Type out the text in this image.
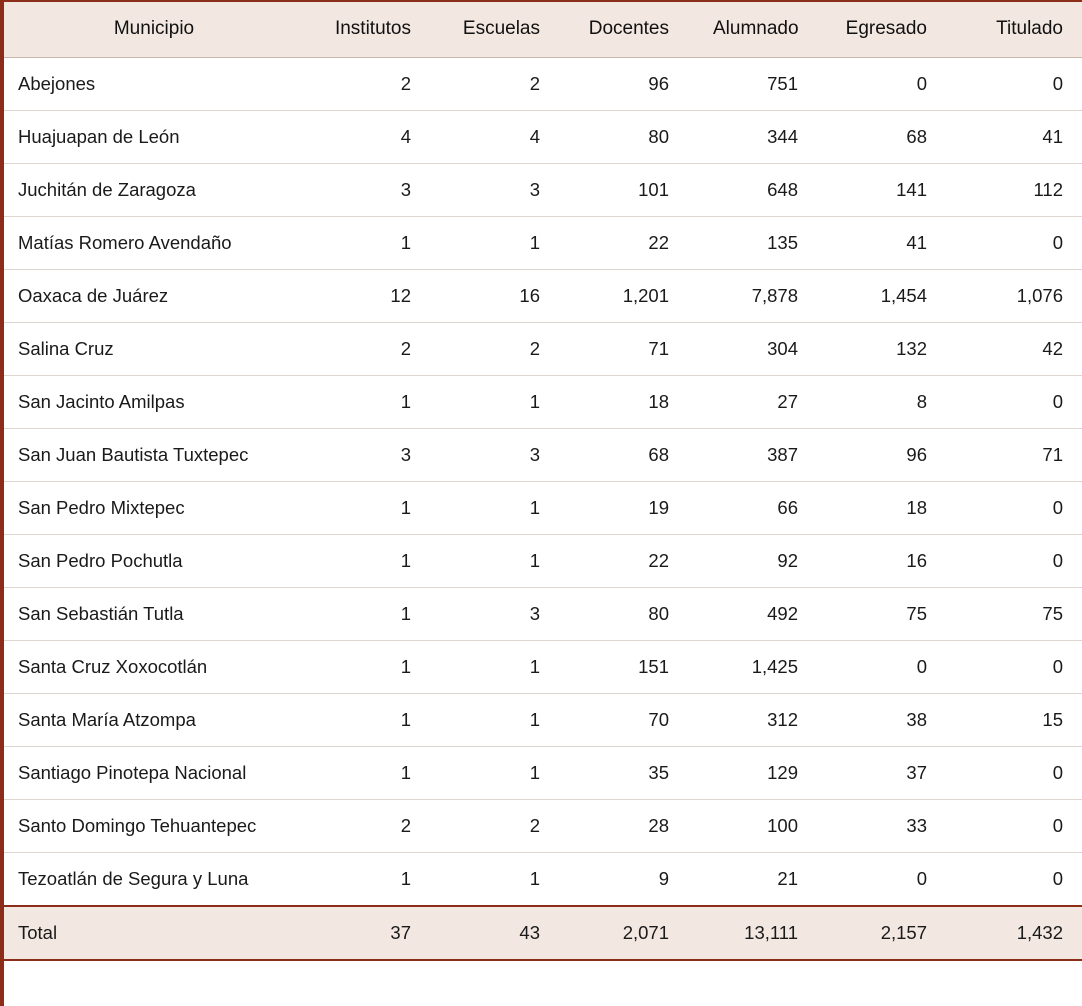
Municipio	Institutos	Escuelas	Docentes	Alumnado	Egresado	Titulado
Abejones	2	2	96	751	0	0
Huajuapan de León	4	4	80	344	68	41
Juchitán de Zaragoza	3	3	101	648	141	112
Matías Romero Avendaño	1	1	22	135	41	0
Oaxaca de Juárez	12	16	1,201	7,878	1,454	1,076
Salina Cruz	2	2	71	304	132	42
San Jacinto Amilpas	1	1	18	27	8	0
San Juan Bautista Tuxtepec	3	3	68	387	96	71
San Pedro Mixtepec	1	1	19	66	18	0
San Pedro Pochutla	1	1	22	92	16	0
San Sebastián Tutla	1	3	80	492	75	75
Santa Cruz Xoxocotlán	1	1	151	1,425	0	0
Santa María Atzompa	1	1	70	312	38	15
Santiago Pinotepa Nacional	1	1	35	129	37	0
Santo Domingo Tehuantepec	2	2	28	100	33	0
Tezoatlán de Segura y Luna	1	1	9	21	0	0
Total	37	43	2,071	13,111	2,157	1,432
